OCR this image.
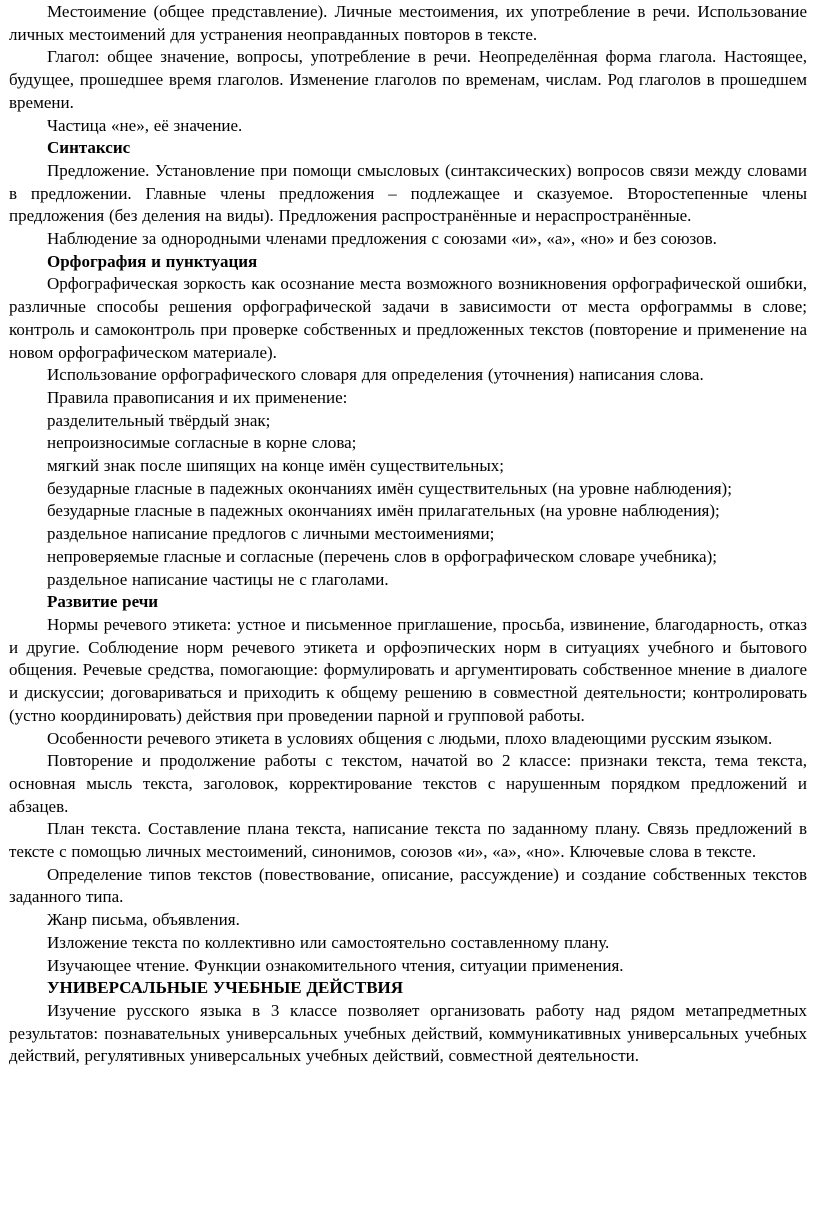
Местоимение (общее представление). Личные местоимения, их употребление в речи. Использование личных местоимений для устранения неоправданных повторов в тексте.

Глагол: общее значение, вопросы, употребление в речи. Неопределённая форма глагола. Настоящее, будущее, прошедшее время глаголов. Изменение глаголов по временам, числам. Род глаголов в прошедшем времени.

Частица «не», её значение.

Синтаксис

Предложение. Установление при помощи смысловых (синтаксических) вопросов связи между словами в предложении. Главные члены предложения – подлежащее и сказуемое. Второстепенные члены предложения (без деления на виды). Предложения распространённые и нераспространённые.

Наблюдение за однородными членами предложения с союзами «и», «а», «но» и без союзов.

Орфография и пунктуация

Орфографическая зоркость как осознание места возможного возникновения орфографической ошибки, различные способы решения орфографической задачи в зависимости от места орфограммы в слове; контроль и самоконтроль при проверке собственных и предложенных текстов (повторение и применение на новом орфографическом материале).

Использование орфографического словаря для определения (уточнения) написания слова.

Правила правописания и их применение:

разделительный твёрдый знак;

непроизносимые согласные в корне слова;

мягкий знак после шипящих на конце имён существительных;

безударные гласные в падежных окончаниях имён существительных (на уровне наблюдения);

безударные гласные в падежных окончаниях имён прилагательных (на уровне наблюдения);

раздельное написание предлогов с личными местоимениями;

непроверяемые гласные и согласные (перечень слов в орфографическом словаре учебника);

раздельное написание частицы не с глаголами.

Развитие речи

Нормы речевого этикета: устное и письменное приглашение, просьба, извинение, благодарность, отказ и другие. Соблюдение норм речевого этикета и орфоэпических норм в ситуациях учебного и бытового общения. Речевые средства, помогающие: формулировать и аргументировать собственное мнение в диалоге и дискуссии; договариваться и приходить к общему решению в совместной деятельности; контролировать (устно координировать) действия при проведении парной и групповой работы.

Особенности речевого этикета в условиях общения с людьми, плохо владеющими русским языком.

Повторение и продолжение работы с текстом, начатой во 2 классе: признаки текста, тема текста, основная мысль текста, заголовок, корректирование текстов с нарушенным порядком предложений и абзацев.

План текста. Составление плана текста, написание текста по заданному плану. Связь предложений в тексте с помощью личных местоимений, синонимов, союзов «и», «а», «но». Ключевые слова в тексте.

Определение типов текстов (повествование, описание, рассуждение) и создание собственных текстов заданного типа.

Жанр письма, объявления.

Изложение текста по коллективно или самостоятельно составленному плану.

Изучающее чтение. Функции ознакомительного чтения, ситуации применения.

УНИВЕРСАЛЬНЫЕ УЧЕБНЫЕ ДЕЙСТВИЯ

Изучение русского языка в 3 классе позволяет организовать работу над рядом метапредметных результатов: познавательных универсальных учебных действий, коммуникативных универсальных учебных действий, регулятивных универсальных учебных действий, совместной деятельности.
